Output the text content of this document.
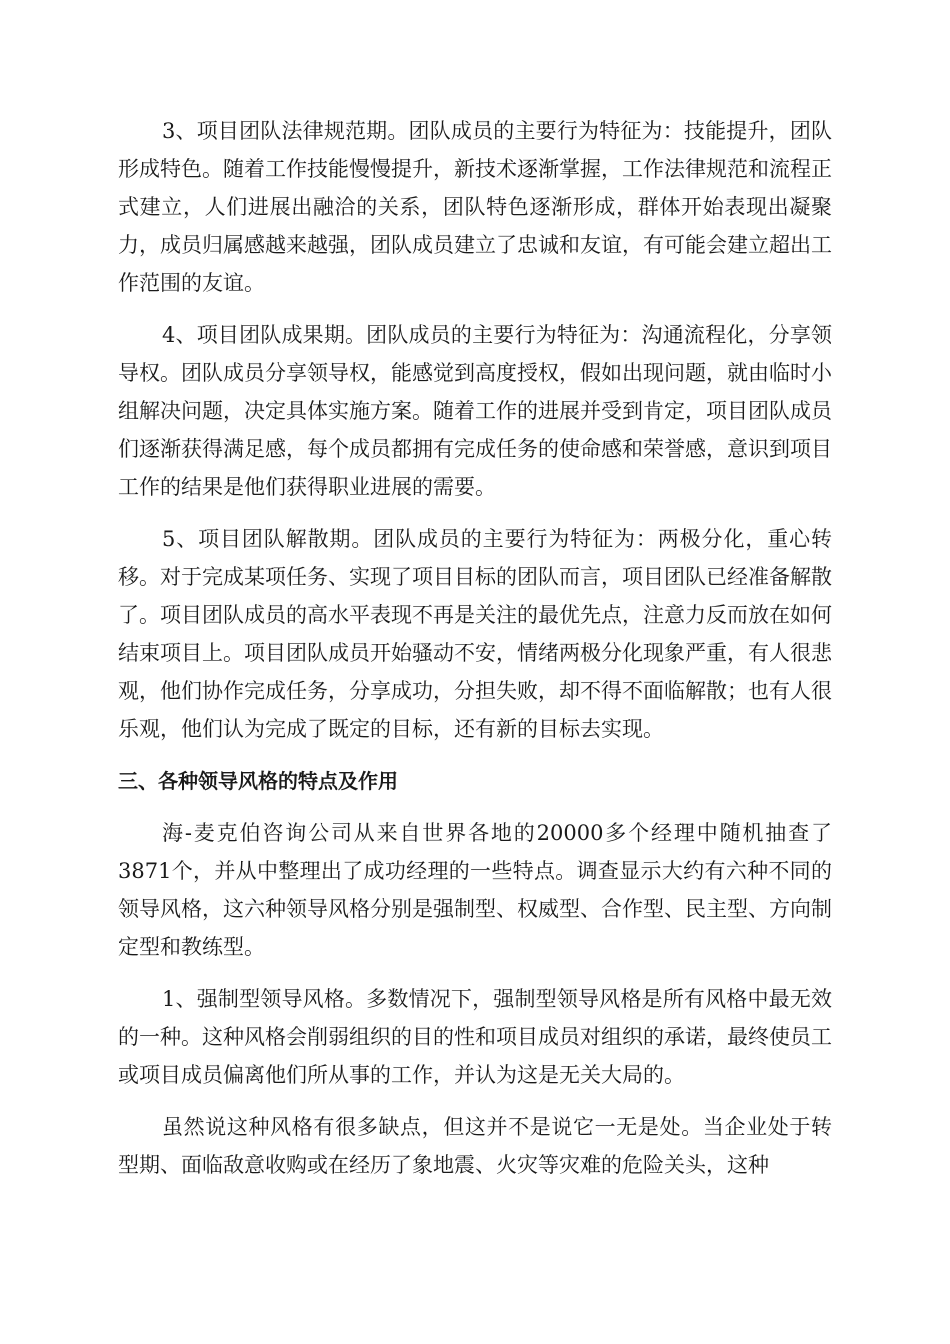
3、项目团队法律规范期。团队成员的主要行为特征为：技能提升，团队形成特色。随着工作技能慢慢提升，新技术逐渐掌握，工作法律规范和流程正式建立，人们进展出融洽的关系，团队特色逐渐形成，群体开始表现出凝聚力，成员归属感越来越强，团队成员建立了忠诚和友谊，有可能会建立超出工作范围的友谊。

4、项目团队成果期。团队成员的主要行为特征为：沟通流程化，分享领导权。团队成员分享领导权，能感觉到高度授权，假如出现问题，就由临时小组解决问题，决定具体实施方案。随着工作的进展并受到肯定，项目团队成员们逐渐获得满足感，每个成员都拥有完成任务的使命感和荣誉感，意识到项目工作的结果是他们获得职业进展的需要。

5、项目团队解散期。团队成员的主要行为特征为：两极分化，重心转移。对于完成某项任务、实现了项目目标的团队而言，项目团队已经准备解散了。项目团队成员的高水平表现不再是关注的最优先点，注意力反而放在如何结束项目上。项目团队成员开始骚动不安，情绪两极分化现象严重，有人很悲观，他们协作完成任务，分享成功，分担失败，却不得不面临解散；也有人很乐观，他们认为完成了既定的目标，还有新的目标去实现。

三、各种领导风格的特点及作用

海-麦克伯咨询公司从来自世界各地的20000多个经理中随机抽查了3871个，并从中整理出了成功经理的一些特点。调查显示大约有六种不同的领导风格，这六种领导风格分别是强制型、权威型、合作型、民主型、方向制定型和教练型。

1、强制型领导风格。多数情况下，强制型领导风格是所有风格中最无效的一种。这种风格会削弱组织的目的性和项目成员对组织的承诺，最终使员工或项目成员偏离他们所从事的工作，并认为这是无关大局的。

虽然说这种风格有很多缺点，但这并不是说它一无是处。当企业处于转型期、面临敌意收购或在经历了象地震、火灾等灾难的危险关头，这种
